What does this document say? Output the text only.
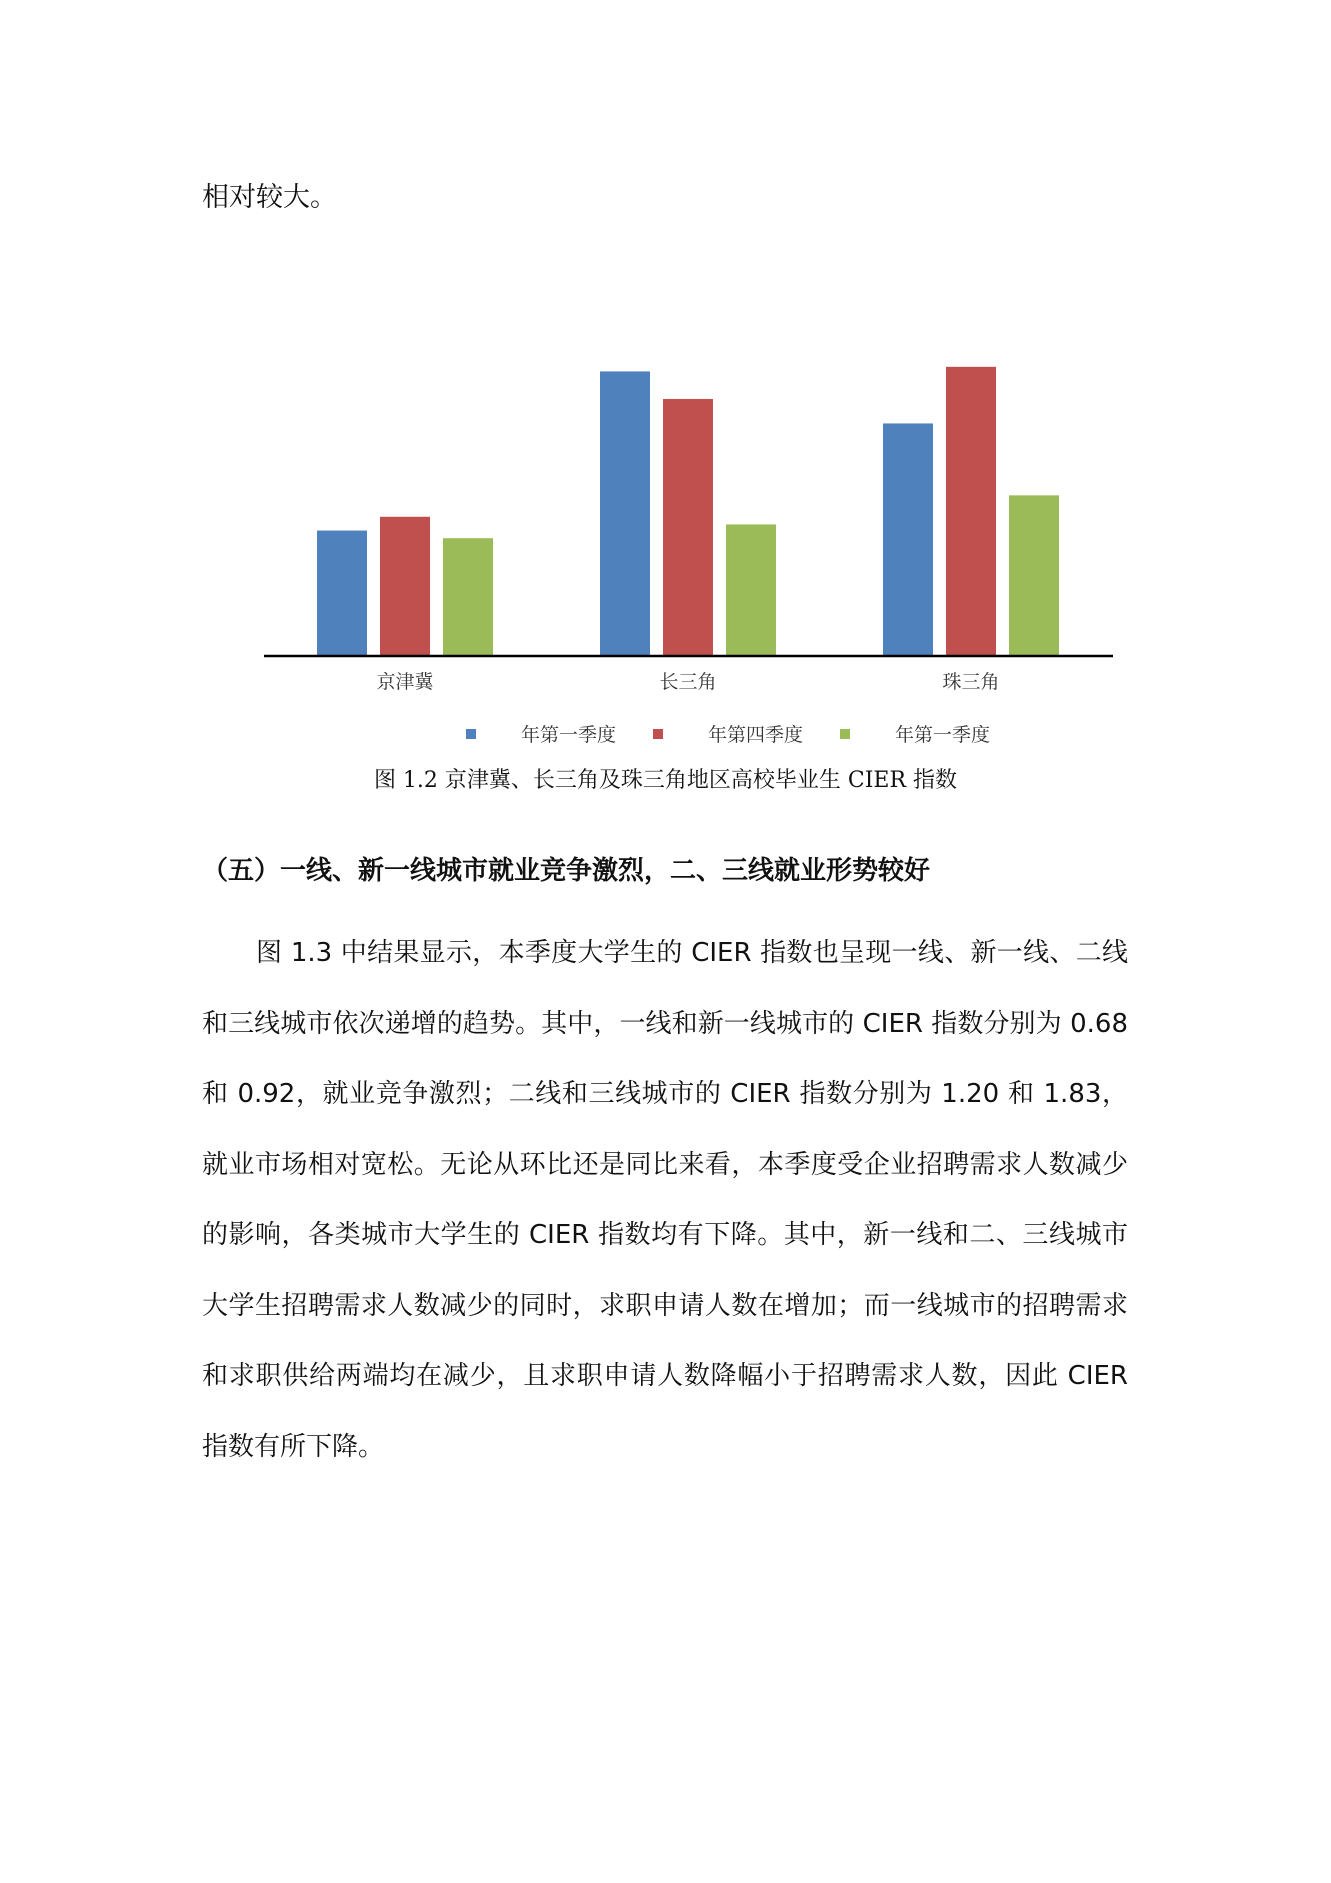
相对较大。

京津冀	长三角	珠三角
年第一季度	年第四季度	年第一季度

图 1.2 京津冀、长三角及珠三角地区高校毕业生 CIER 指数

（五）一线、新一线城市就业竞争激烈，二、三线就业形势较好

图 1.3 中结果显示，本季度大学生的 CIER 指数也呈现一线、新一线、二线和三线城市依次递增的趋势。其中，一线和新一线城市的 CIER 指数分别为 0.68 和 0.92，就业竞争激烈；二线和三线城市的 CIER 指数分别为 1.20 和 1.83，就业市场相对宽松。无论从环比还是同比来看，本季度受企业招聘需求人数减少的影响，各类城市大学生的 CIER 指数均有下降。其中，新一线和二、三线城市大学生招聘需求人数减少的同时，求职申请人数在增加；而一线城市的招聘需求和求职供给两端均在减少，且求职申请人数降幅小于招聘需求人数，因此 CIER 指数有所下降。
